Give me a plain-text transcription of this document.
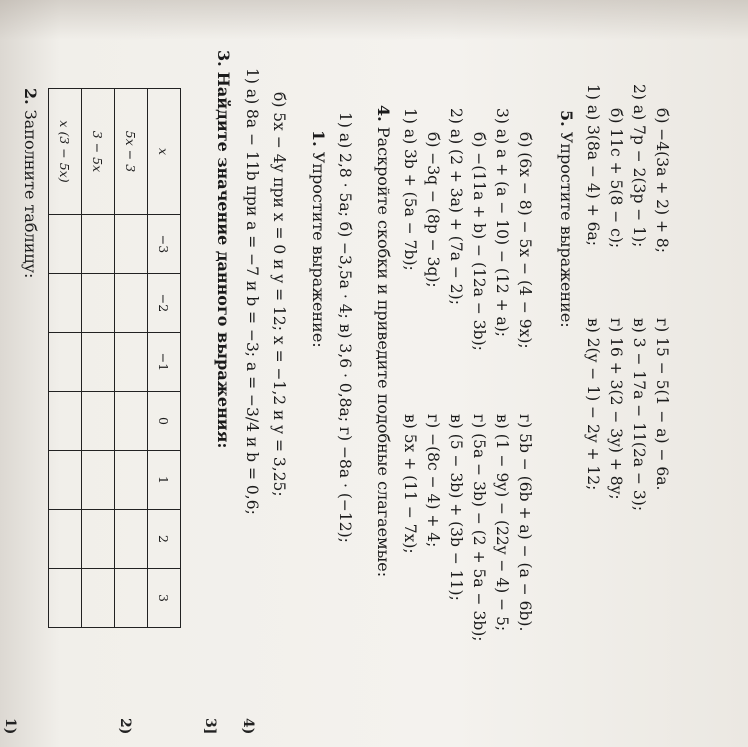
2. Заполните таблицу:	x	−3	−2	−1	0	1	2	3
5x − 3							
3 − 5x							
x (3 − 5x)							
3. Найдите значение данного выражения: 1) а) 8a − 11b при a = −7 и b = −3; a = −3/4 и b = 0,6; б) 5x − 4y при x = 0 и y = 12; x = −1,2 и y = 3,25; 1. Упростите выражение: 1) а) 2,8 · 5a; б) −3,5a · 4; в) 3,6 · 0,8a; г) −8a · (−12); 4. Раскройте скобки и приведите подобные слагаемые: 1) а) 3b + (5a − 7b); б) −3q − (8p − 3q); 2) а) (2 + 3a) + (7a − 2); б) −(11a + b) − (12a − 3b); 3) а) a + (a − 10) − (12 + a); б) (6x − 8) − 5x − (4 − 9x);
в) 5x + (11 − 7x); г) −(8c − 4) + 4; в) (5 − 3b) + (3b − 11); г) (5a − 3b) − (2 + 5a − 3b); в) (1 − 9y) − (22y − 4) − 5; г) 5b − (6b + a) − (a − 6b).
5. Упростите выражение: 1) а) 3(8a − 4) + 6a; б) 11c + 5(8 − c); 2) а) 7p − 2(3p − 1); б) −4(3a + 2) + 8;
в) 2(y − 1) − 2y + 12; г) 16 + 3(2 − 3y) + 8y; в) 3 − 17a − 11(2a − 3); г) 15 − 5(1 − a) − 6a.
1)	2)	3] 4)
